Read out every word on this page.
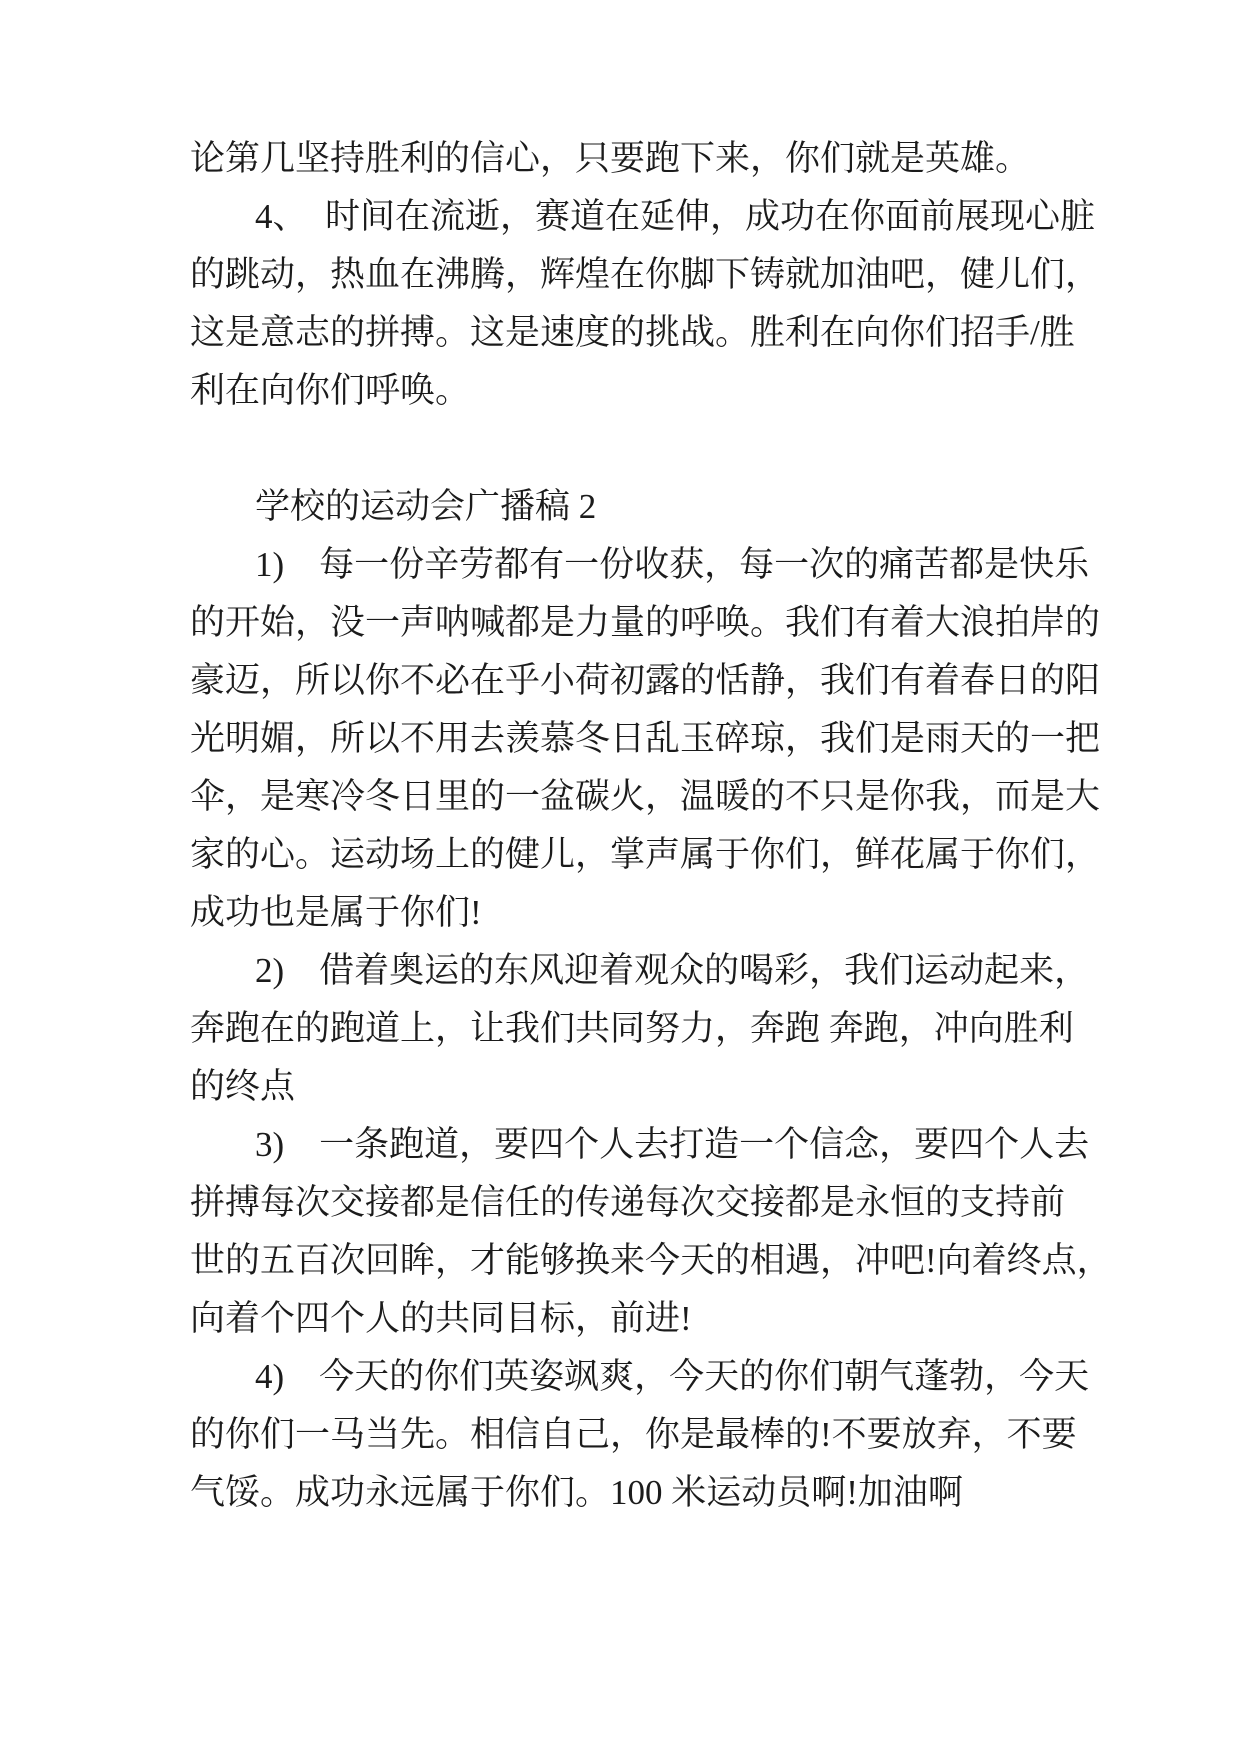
论第几坚持胜利的信心，只要跑下来，你们就是英雄。
4、　时间在流逝，赛道在延伸，成功在你面前展现心脏
的跳动，热血在沸腾，辉煌在你脚下铸就加油吧，健儿们，
这是意志的拼搏。这是速度的挑战。胜利在向你们招手/胜
利在向你们呼唤。
学校的运动会广播稿 2
1)　每一份辛劳都有一份收获，每一次的痛苦都是快乐
的开始，没一声呐喊都是力量的呼唤。我们有着大浪拍岸的
豪迈，所以你不必在乎小荷初露的恬静，我们有着春日的阳
光明媚，所以不用去羡慕冬日乱玉碎琼，我们是雨天的一把
伞，是寒冷冬日里的一盆碳火，温暖的不只是你我，而是大
家的心。运动场上的健儿，掌声属于你们，鲜花属于你们，
成功也是属于你们!
2)　借着奥运的东风迎着观众的喝彩，我们运动起来，
奔跑在的跑道上，让我们共同努力，奔跑 奔跑，冲向胜利
的终点
3)　一条跑道，要四个人去打造一个信念，要四个人去
拼搏每次交接都是信任的传递每次交接都是永恒的支持前
世的五百次回眸，才能够换来今天的相遇，冲吧!向着终点，
向着个四个人的共同目标，前进!
4)　今天的你们英姿飒爽，今天的你们朝气蓬勃，今天
的你们一马当先。相信自己，你是最棒的!不要放弃，不要
气馁。成功永远属于你们。100 米运动员啊!加油啊
